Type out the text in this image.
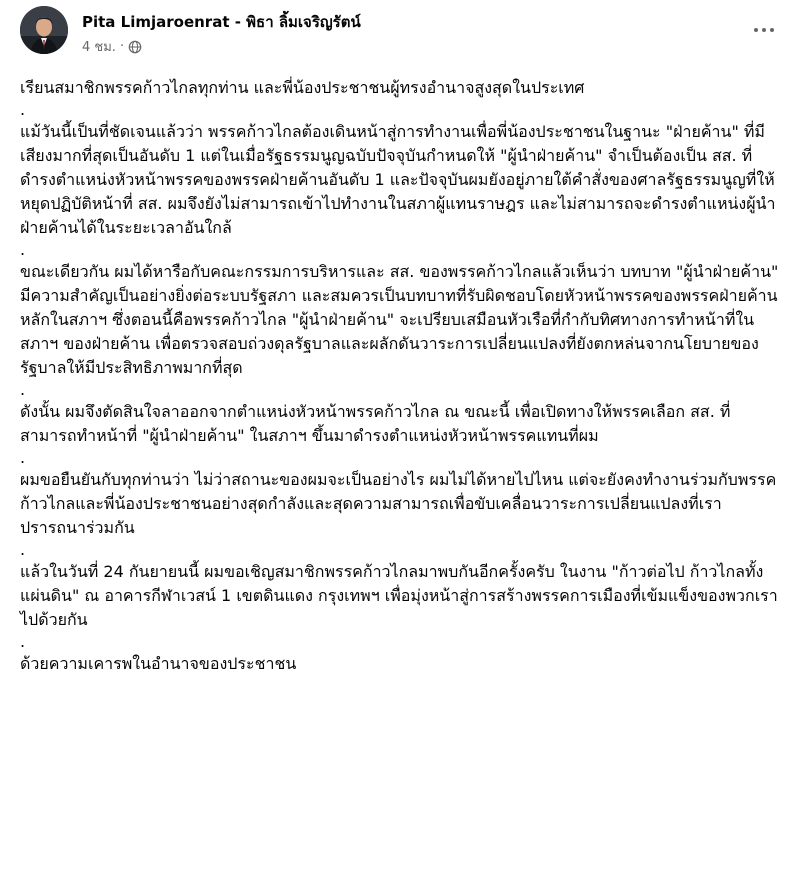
Pita Limjaroenrat - พิธา ลิ้มเจริญรัตน์
4 ชม. ·

เรียนสมาชิกพรรคก้าวไกลทุกท่าน และพี่น้องประชาชนผู้ทรงอำนาจสูงสุดในประเทศ

.

แม้วันนี้เป็นที่ชัดเจนแล้วว่า พรรคก้าวไกลต้องเดินหน้าสู่การทำงานเพื่อพี่น้องประชาชนในฐานะ "ฝ่ายค้าน" ที่มีเสียงมากที่สุดเป็นอันดับ 1 แต่ในเมื่อรัฐธรรมนูญฉบับปัจจุบันกำหนดให้ "ผู้นำฝ่ายค้าน" จำเป็นต้องเป็น สส. ที่ดำรงตำแหน่งหัวหน้าพรรคของพรรคฝ่ายค้านอันดับ 1 และปัจจุบันผมยังอยู่ภายใต้คำสั่งของศาลรัฐธรรมนูญที่ให้หยุดปฏิบัติหน้าที่ สส. ผมจึงยังไม่สามารถเข้าไปทำงานในสภาผู้แทนราษฎร และไม่สามารถจะดำรงตำแหน่งผู้นำฝ่ายค้านได้ในระยะเวลาอันใกล้

.

ขณะเดียวกัน ผมได้หารือกับคณะกรรมการบริหารและ สส. ของพรรคก้าวไกลแล้วเห็นว่า บทบาท "ผู้นำฝ่ายค้าน" มีความสำคัญเป็นอย่างยิ่งต่อระบบรัฐสภา และสมควรเป็นบทบาทที่รับผิดชอบโดยหัวหน้าพรรคของพรรคฝ่ายค้านหลักในสภาฯ ซึ่งตอนนี้คือพรรคก้าวไกล "ผู้นำฝ่ายค้าน" จะเปรียบเสมือนหัวเรือที่กำกับทิศทางการทำหน้าที่ในสภาฯ ของฝ่ายค้าน เพื่อตรวจสอบถ่วงดุลรัฐบาลและผลักดันวาระการเปลี่ยนแปลงที่ยังตกหล่นจากนโยบายของรัฐบาลให้มีประสิทธิภาพมากที่สุด

.

ดังนั้น ผมจึงตัดสินใจลาออกจากตำแหน่งหัวหน้าพรรคก้าวไกล ณ ขณะนี้ เพื่อเปิดทางให้พรรคเลือก สส. ที่สามารถทำหน้าที่ "ผู้นำฝ่ายค้าน" ในสภาฯ ขึ้นมาดำรงตำแหน่งหัวหน้าพรรคแทนที่ผม

.

ผมขอยืนยันกับทุกท่านว่า ไม่ว่าสถานะของผมจะเป็นอย่างไร ผมไม่ได้หายไปไหน แต่จะยังคงทำงานร่วมกับพรรคก้าวไกลและพี่น้องประชาชนอย่างสุดกำลังและสุดความสามารถเพื่อขับเคลื่อนวาระการเปลี่ยนแปลงที่เราปรารถนาร่วมกัน

.

แล้วในวันที่ 24 กันยายนนี้ ผมขอเชิญสมาชิกพรรคก้าวไกลมาพบกันอีกครั้งครับ ในงาน "ก้าวต่อไป ก้าวไกลทั้งแผ่นดิน" ณ อาคารกีฬาเวสน์ 1 เขตดินแดง กรุงเทพฯ เพื่อมุ่งหน้าสู่การสร้างพรรคการเมืองที่เข้มแข็งของพวกเราไปด้วยกัน

.

ด้วยความเคารพในอำนาจของประชาชน
